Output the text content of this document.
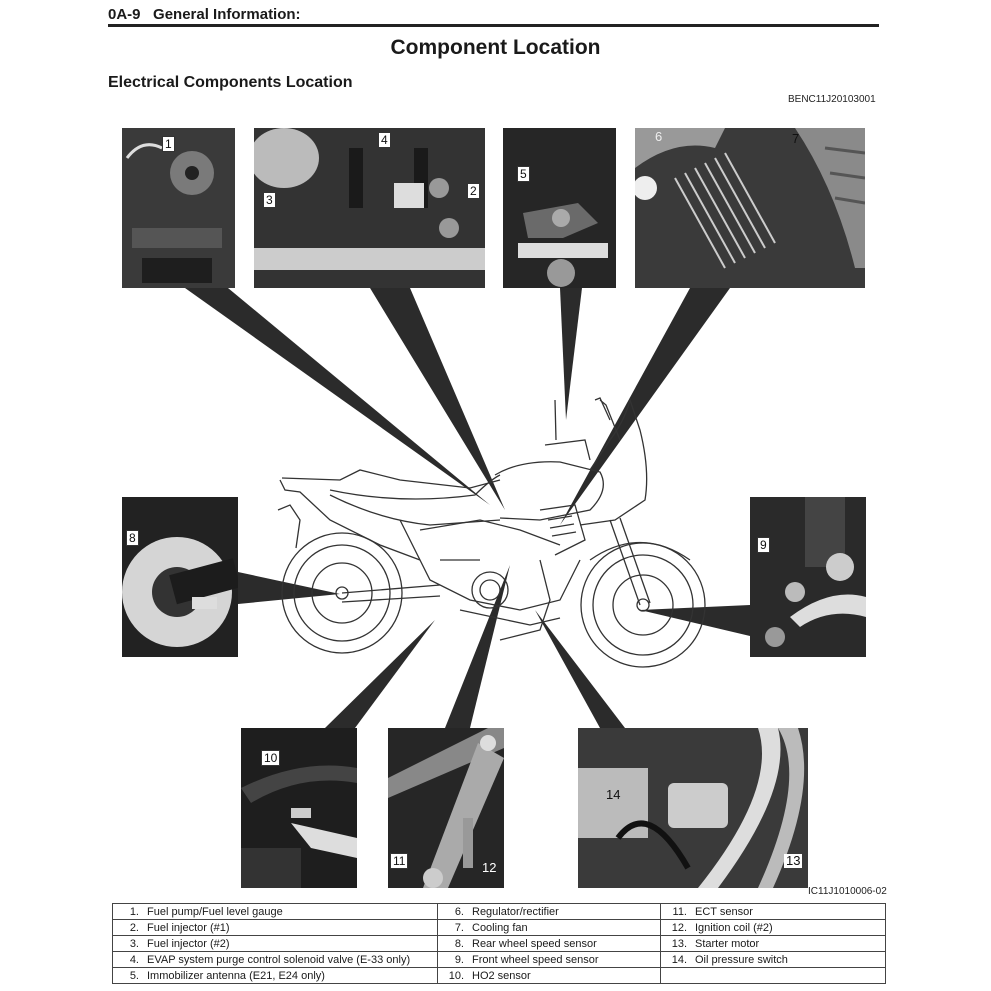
0A-9 General Information:
Component Location
Electrical Components Location
BENC11J20103001
1	4
3
2
5
6	7
8	9
10
11	12
14
13
IC11J1010006-02
1. Fuel pump/Fuel level gauge	6. Regulator/rectifier	11. ECT sensor
2. Fuel injector (#1)	7. Cooling fan	12. Ignition coil (#2)
3. Fuel injector (#2)	8. Rear wheel speed sensor	13. Starter motor
4. EVAP system purge control solenoid valve (E-33 only)	9. Front wheel speed sensor	14. Oil pressure switch
5. Immobilizer antenna (E21, E24 only)	10. HO2 sensor	
